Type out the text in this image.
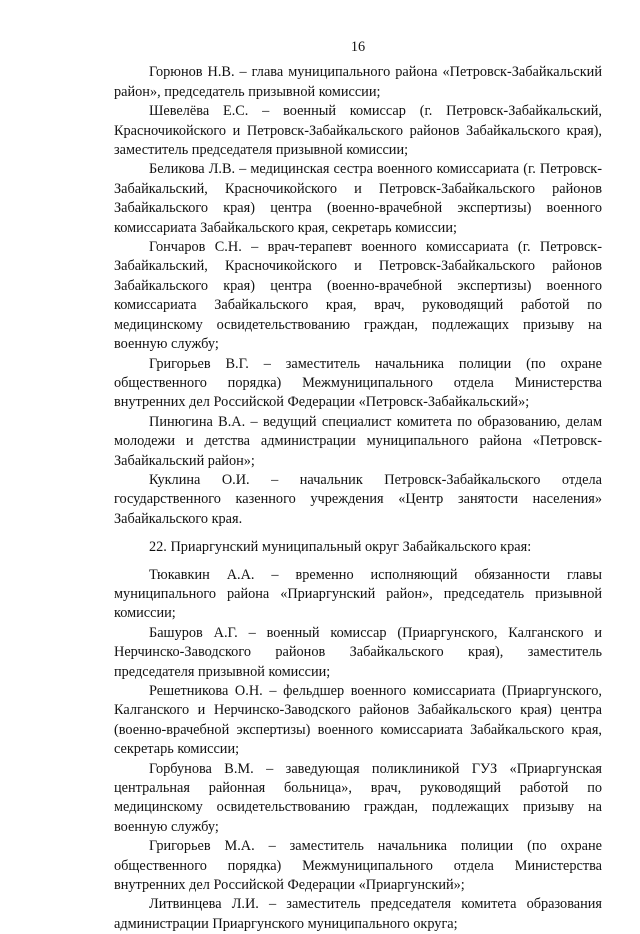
16

Горюнов Н.В. – глава муниципального района «Петровск-Забайкальский район», председатель призывной комиссии;

Шевелёва Е.С. – военный комиссар (г. Петровск-Забайкальский, Красночикойского и Петровск-Забайкальского районов Забайкальского края), заместитель председателя призывной комиссии;

Беликова Л.В. – медицинская сестра военного комиссариата (г. Петровск-Забайкальский, Красночикойского и Петровск-Забайкальского районов Забайкальского края) центра (военно-врачебной экспертизы) военного комиссариата Забайкальского края, секретарь комиссии;

Гончаров С.Н. – врач-терапевт военного комиссариата (г. Петровск-Забайкальский, Красночикойского и Петровск-Забайкальского районов Забайкальского края) центра (военно-врачебной экспертизы) военного комиссариата Забайкальского края, врач, руководящий работой по медицинскому освидетельствованию граждан, подлежащих призыву на военную службу;

Григорьев В.Г. – заместитель начальника полиции (по охране общественного порядка) Межмуниципального отдела Министерства внутренних дел Российской Федерации «Петровск-Забайкальский»;

Пинюгина В.А. – ведущий специалист комитета по образованию, делам молодежи и детства администрации муниципального района «Петровск-Забайкальский район»;

Куклина О.И. – начальник Петровск-Забайкальского отдела государственного казенного учреждения «Центр занятости населения» Забайкальского края.

22. Приаргунский муниципальный округ Забайкальского края:

Тюкавкин А.А. – временно исполняющий обязанности главы муниципального района «Приаргунский район», председатель призывной комиссии;

Башуров А.Г. – военный комиссар (Приаргунского, Калганского и Нерчинско-Заводского районов Забайкальского края), заместитель председателя призывной комиссии;

Решетникова О.Н. – фельдшер военного комиссариата (Приаргунского, Калганского и Нерчинско-Заводского районов Забайкальского края) центра (военно-врачебной экспертизы) военного комиссариата Забайкальского края, секретарь комиссии;

Горбунова В.М. – заведующая поликлиникой ГУЗ «Приаргунская центральная районная больница», врач, руководящий работой по медицинскому освидетельствованию граждан, подлежащих призыву на военную службу;

Григорьев М.А. – заместитель начальника полиции (по охране общественного порядка) Межмуниципального отдела Министерства внутренних дел Российской Федерации «Приаргунский»;

Литвинцева Л.И. – заместитель председателя комитета образования администрации Приаргунского муниципального округа;
